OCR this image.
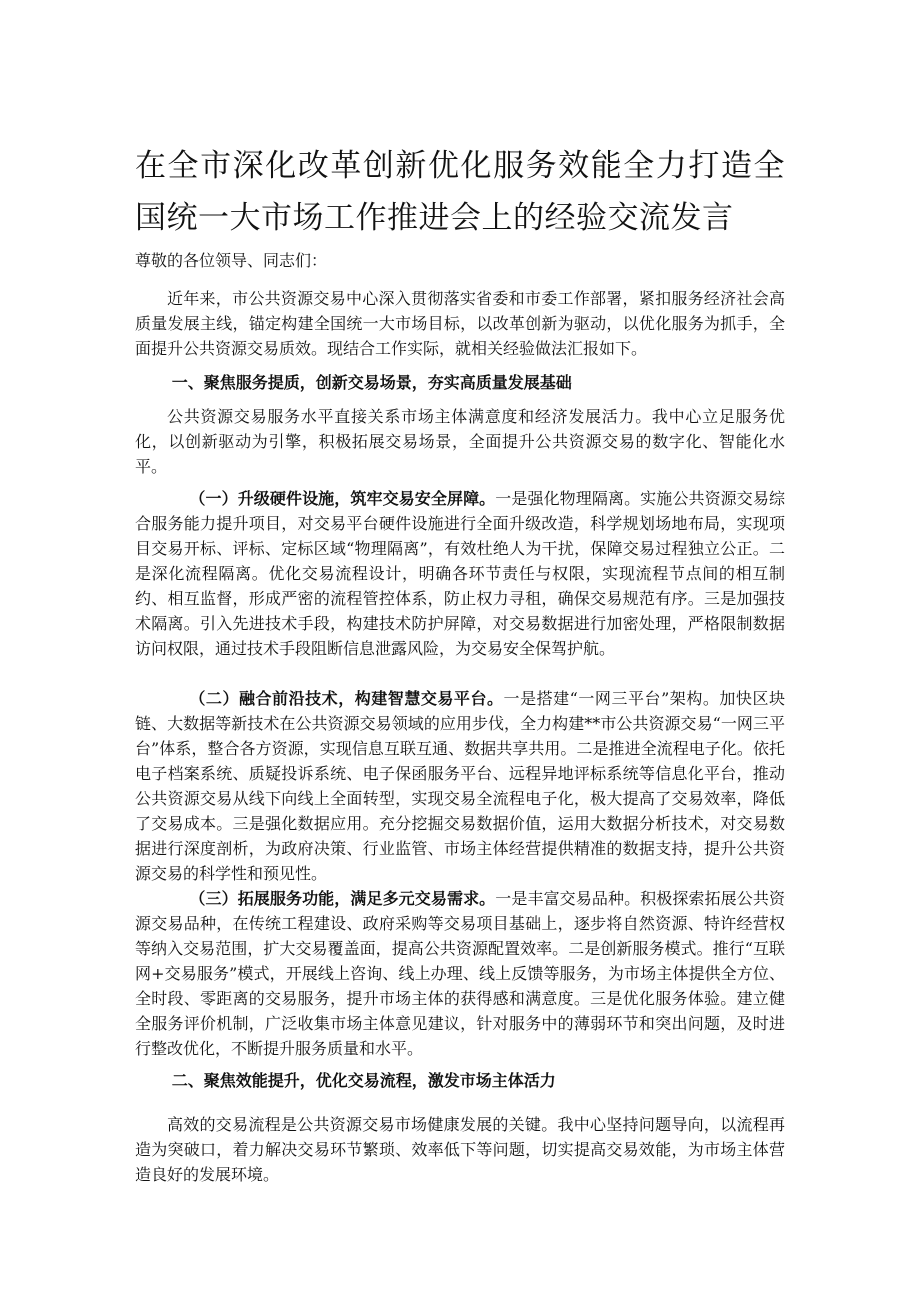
在全市深化改革创新优化服务效能全力打造全国统一大市场工作推进会上的经验交流发言

尊敬的各位领导、同志们：

近年来，市公共资源交易中心深入贯彻落实省委和市委工作部署，紧扣服务经济社会高质量发展主线，锚定构建全国统一大市场目标，以改革创新为驱动，以优化服务为抓手，全面提升公共资源交易质效。现结合工作实际，就相关经验做法汇报如下。

一、聚焦服务提质，创新交易场景，夯实高质量发展基础

公共资源交易服务水平直接关系市场主体满意度和经济发展活力。我中心立足服务优化，以创新驱动为引擎，积极拓展交易场景，全面提升公共资源交易的数字化、智能化水平。

（一）升级硬件设施，筑牢交易安全屏障。一是强化物理隔离。实施公共资源交易综合服务能力提升项目，对交易平台硬件设施进行全面升级改造，科学规划场地布局，实现项目交易开标、评标、定标区域“物理隔离”，有效杜绝人为干扰，保障交易过程独立公正。二是深化流程隔离。优化交易流程设计，明确各环节责任与权限，实现流程节点间的相互制约、相互监督，形成严密的流程管控体系，防止权力寻租，确保交易规范有序。三是加强技术隔离。引入先进技术手段，构建技术防护屏障，对交易数据进行加密处理，严格限制数据访问权限，通过技术手段阻断信息泄露风险，为交易安全保驾护航。

（二）融合前沿技术，构建智慧交易平台。一是搭建“一网三平台”架构。加快区块链、大数据等新技术在公共资源交易领域的应用步伐，全力构建**市公共资源交易“一网三平台”体系，整合各方资源，实现信息互联互通、数据共享共用。二是推进全流程电子化。依托电子档案系统、质疑投诉系统、电子保函服务平台、远程异地评标系统等信息化平台，推动公共资源交易从线下向线上全面转型，实现交易全流程电子化，极大提高了交易效率，降低了交易成本。三是强化数据应用。充分挖掘交易数据价值，运用大数据分析技术，对交易数据进行深度剖析，为政府决策、行业监管、市场主体经营提供精准的数据支持，提升公共资源交易的科学性和预见性。

（三）拓展服务功能，满足多元交易需求。一是丰富交易品种。积极探索拓展公共资源交易品种，在传统工程建设、政府采购等交易项目基础上，逐步将自然资源、特许经营权等纳入交易范围，扩大交易覆盖面，提高公共资源配置效率。二是创新服务模式。推行“互联网+交易服务”模式，开展线上咨询、线上办理、线上反馈等服务，为市场主体提供全方位、全时段、零距离的交易服务，提升市场主体的获得感和满意度。三是优化服务体验。建立健全服务评价机制，广泛收集市场主体意见建议，针对服务中的薄弱环节和突出问题，及时进行整改优化，不断提升服务质量和水平。

二、聚焦效能提升，优化交易流程，激发市场主体活力

高效的交易流程是公共资源交易市场健康发展的关键。我中心坚持问题导向，以流程再造为突破口，着力解决交易环节繁琐、效率低下等问题，切实提高交易效能，为市场主体营造良好的发展环境。
